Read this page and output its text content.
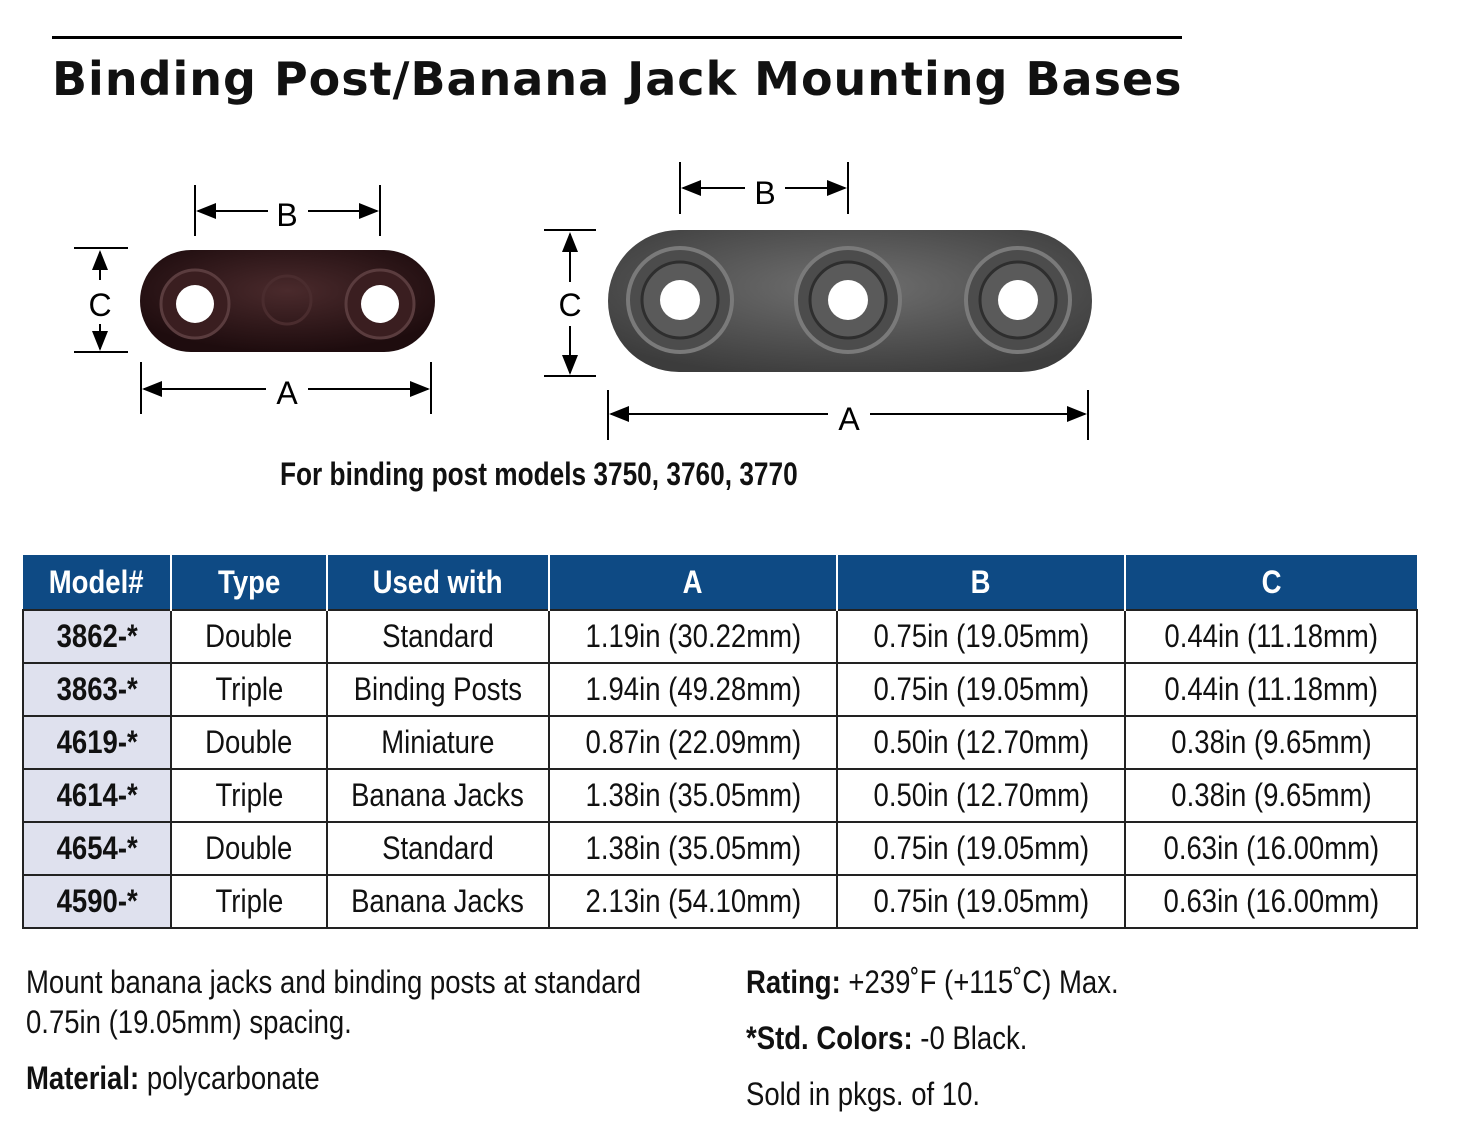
Binding Post/Banana Jack Mounting Bases
B
C
A
B
C
A

For binding post models 3750, 3760, 3770

Model#	Type	Used with	A	B	C
3862-*	Double	Standard	1.19in (30.22mm)	0.75in (19.05mm)	0.44in (11.18mm)
3863-*	Triple	Binding Posts	1.94in (49.28mm)	0.75in (19.05mm)	0.44in (11.18mm)
4619-*	Double	Miniature	0.87in (22.09mm)	0.50in (12.70mm)	0.38in (9.65mm)
4614-*	Triple	Banana Jacks	1.38in (35.05mm)	0.50in (12.70mm)	0.38in (9.65mm)
4654-*	Double	Standard	1.38in (35.05mm)	0.75in (19.05mm)	0.63in (16.00mm)
4590-*	Triple	Banana Jacks	2.13in (54.10mm)	0.75in (19.05mm)	0.63in (16.00mm)

Mount banana jacks and binding posts at standard

0.75in (19.05mm) spacing.

Material: polycarbonate

Rating: +239˚F (+115˚C) Max.

*Std. Colors: -0 Black.

Sold in pkgs. of 10.
